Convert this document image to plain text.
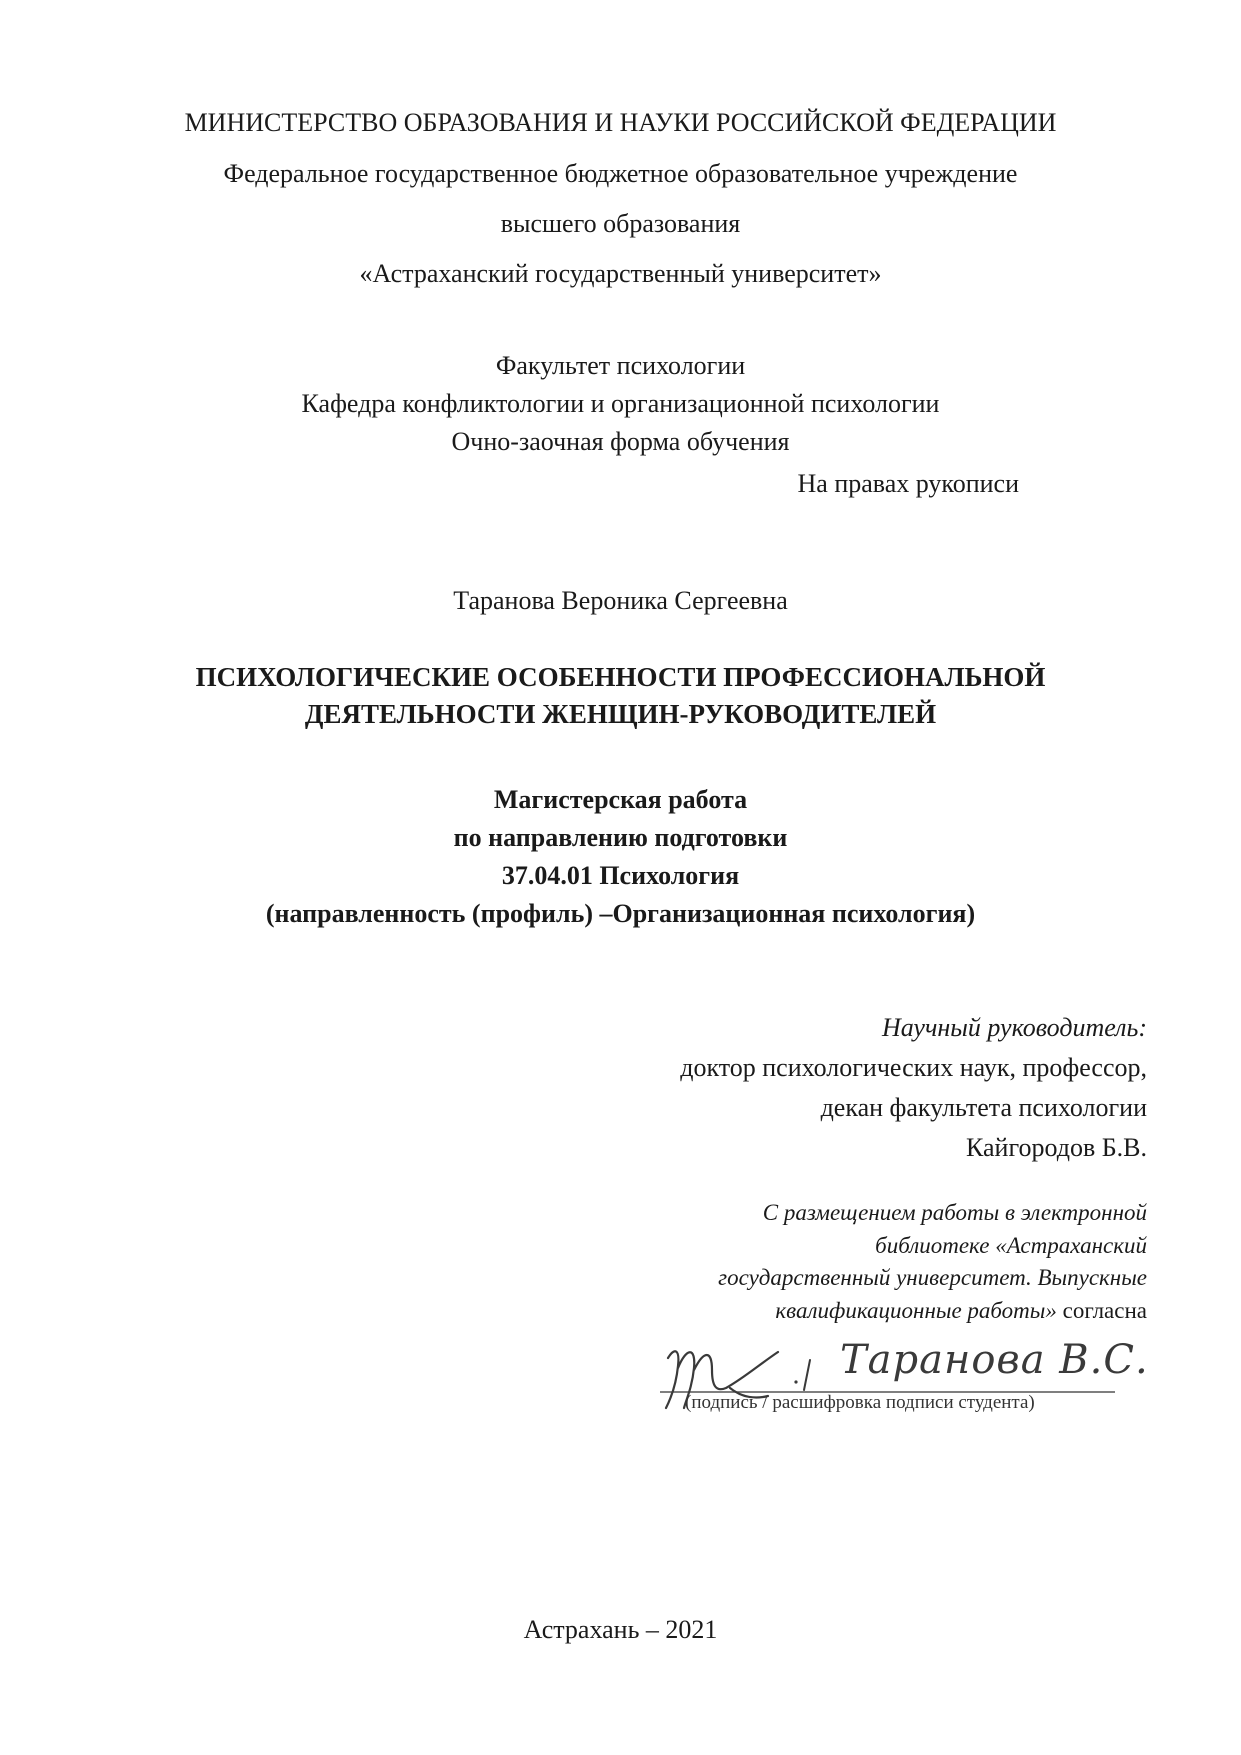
МИНИСТЕРСТВО ОБРАЗОВАНИЯ И НАУКИ РОССИЙСКОЙ ФЕДЕРАЦИИ
Федеральное государственное бюджетное образовательное учреждение
высшего образования
«Астраханский государственный университет»
Факультет психологии
Кафедра конфликтологии и организационной психологии
Очно-заочная форма обучения
На правах рукописи
Таранова Вероника Сергеевна
ПСИХОЛОГИЧЕСКИЕ ОСОБЕННОСТИ ПРОФЕССИОНАЛЬНОЙ
ДЕЯТЕЛЬНОСТИ ЖЕНЩИН-РУКОВОДИТЕЛЕЙ
Магистерская работа
по направлению подготовки
37.04.01 Психология
(направленность (профиль) –Организационная психология)
Научный руководитель:
доктор психологических наук, профессор,
декан факультета психологии
Кайгородов Б.В.
С размещением работы в электронной
библиотеке «Астраханский
государственный университет. Выпускные
квалификационные работы» согласна
Таранова В.С.
(подпись / расшифровка подписи студента)
Астрахань – 2021
